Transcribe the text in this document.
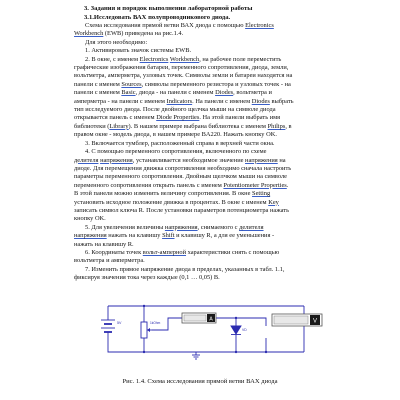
3. Задания и порядок выполнения лабораторной работы
3.1.Исследовать ВАХ полупроводникового диода.

Схема исследования прямой ветви ВАХ диода с помощью Electronics

Workbench (EWB) приведена на рис.1.4.

Для этого необходимо:

1. Активировать значок системы EWB.

2. В окне, с именем Electronics Workbench, на рабочее поле переместить

графические изображения батареи, переменного сопротивления, диода, земли,

вольтметра, амперметра, узловых точек. Символы земли и батареи находятся на

панели с именем Sources, символы переменного резистора и узловых точек - на

панели с именем Basic, диода - на панели с именем Diodes, вольтметра и

амперметра - на панели с именем Indicators. На панели с именем Diodes выбрать

тип исследуемого диода. После двойного щелчка мыши на символе диода

открывается панель с именем Diode Properties. На этой панели выбрать имя

библиотеки (Library). В нашем примере выбрана библиотека с именем Philips, в

правом окне - модель диода, в нашем примере BA220. Нажать кнопку OK.

3. Включается тумблер, расположенный справа в верхней части окна.

4. С помощью переменного сопротивления, включенного по схеме

делителя напряжения, устанавливается необходимое значение напряжения на

диоде. Для перемещения движка сопротивления необходимо сначала настроить

параметры переменного сопротивления. Двойным щелчком мыши на символе

переменного сопротивления открыть панель с именем Potentiometer Properties.

В этой панели можно изменить величину сопротивления. В окне Setting

установить исходное положение движка в процентах. В окне с именем Key

записать символ ключа R. После установки параметров потенциометра нажать

кнопку OK.

5. Для увеличения величины напряжения, снимаемого с делителя

напряжения нажать на клавишу Shift и клавишу R, а для ее уменьшения -

нажать на клавишу R.

6. Координаты точек вольт-амперной характеристики снять с помощью

вольтметра и амперметра.

7. Изменить прямое напряжение диода в пределах, указанных в табл. 1.1,

фиксируя значения тока через каждые (0,1 … 0,05) В.

5V	1kOhm
A
VD
V
Рис. 1.4. Схема исследования прямой ветви ВАХ диода
